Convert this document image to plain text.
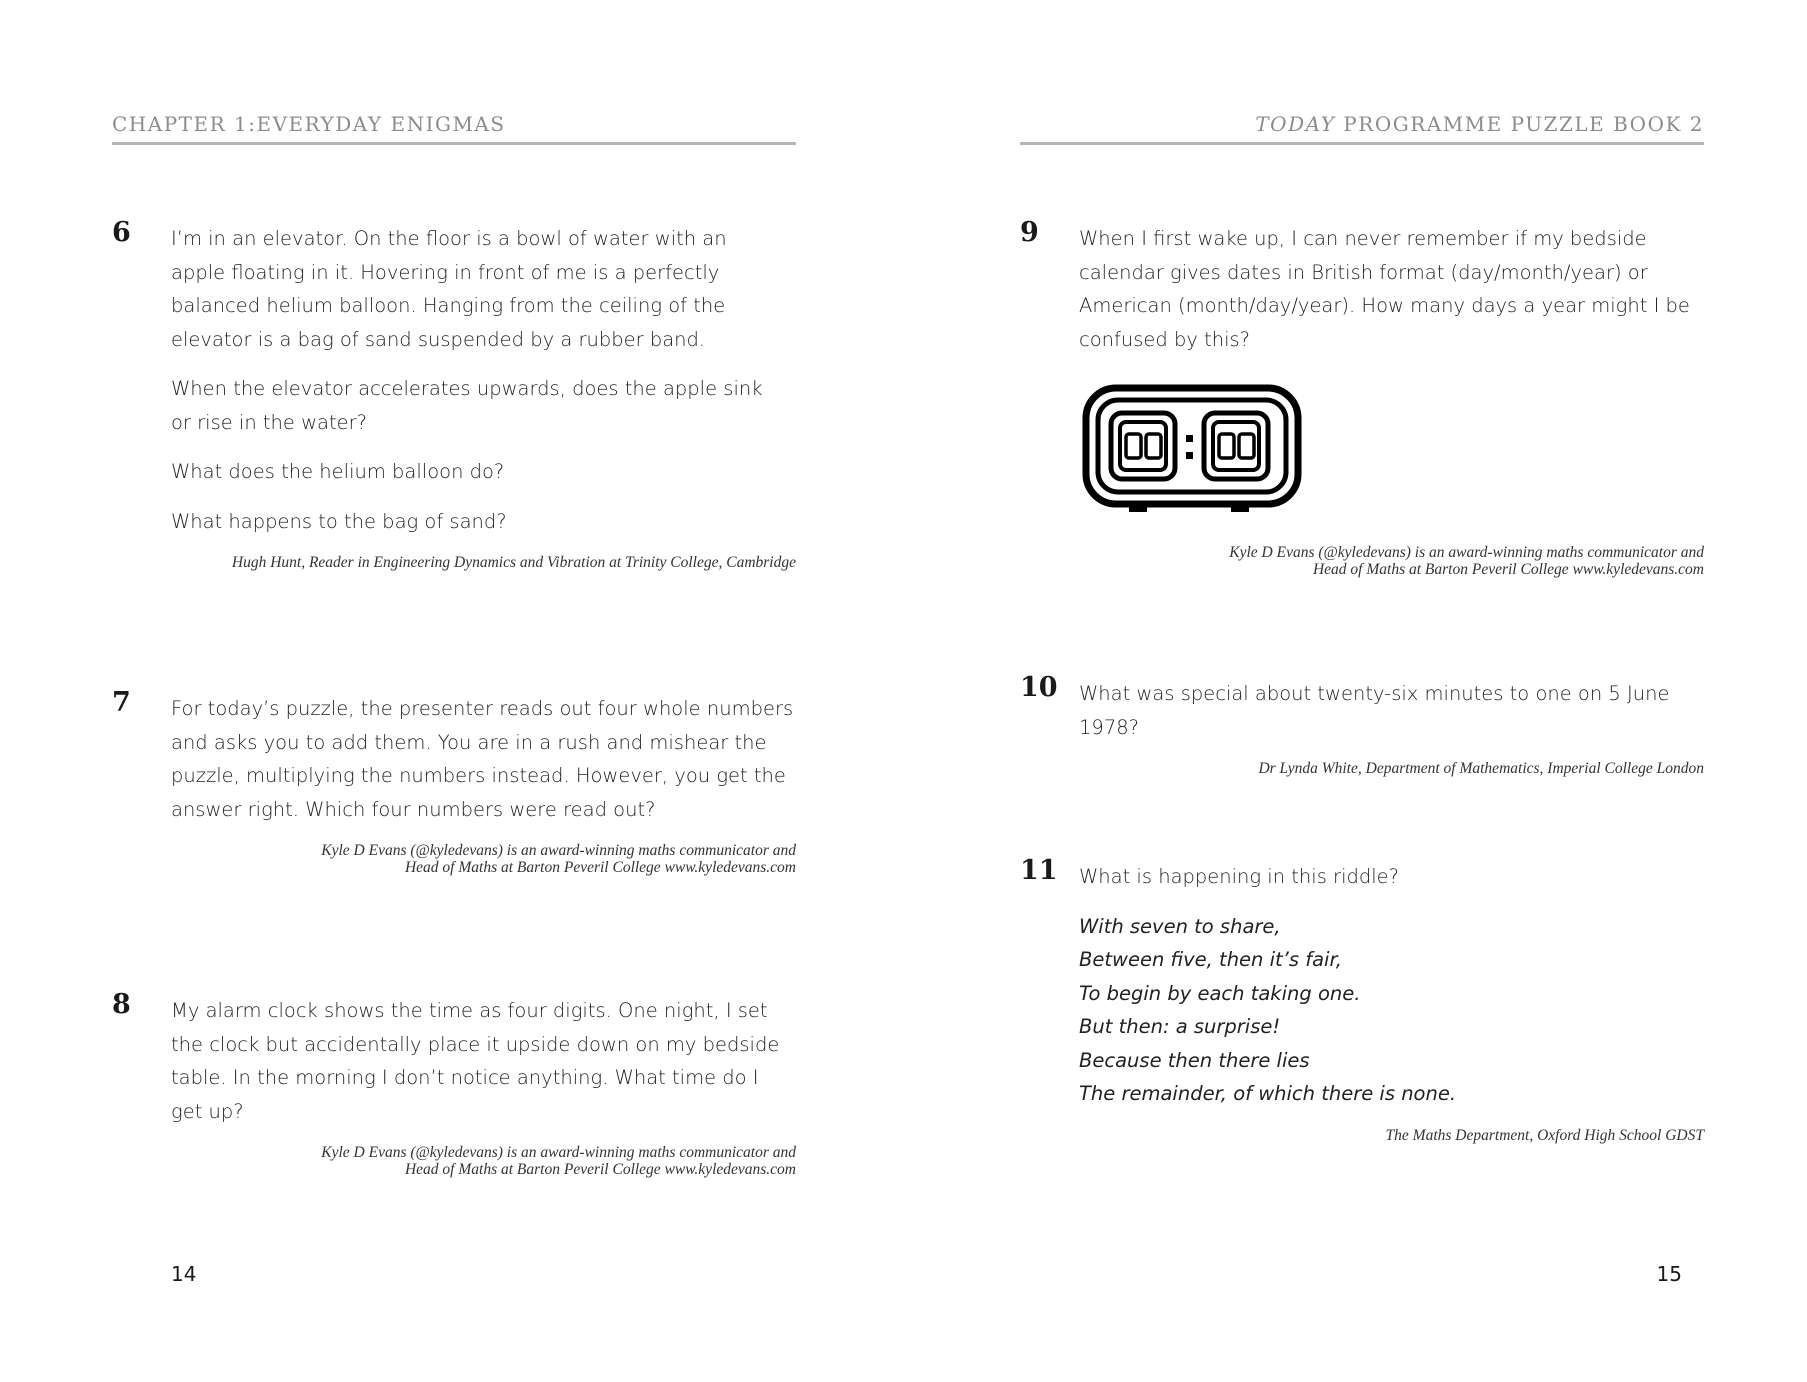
CHAPTER 1:EVERYDAY ENIGMAS
6 I’m in an elevator. On the floor is a bowl of water with an apple floating in it. Hovering in front of me is a perfectly balanced helium balloon. Hanging from the ceiling of the elevator is a bag of sand suspended by a rubber band.

When the elevator accelerates upwards, does the apple sink or rise in the water?

What does the helium balloon do?

What happens to the bag of sand?

Hugh Hunt, Reader in Engineering Dynamics and Vibration at Trinity College, Cambridge
7 For today’s puzzle, the presenter reads out four whole numbers and asks you to add them. You are in a rush and mishear the puzzle, multiplying the numbers instead. However, you get the answer right. Which four numbers were read out?

Kyle D Evans (@kyledevans) is an award-winning maths communicator and
Head of Maths at Barton Peveril College www.kyledevans.com
8 My alarm clock shows the time as four digits. One night, I set the clock but accidentally place it upside down on my bedside table. In the morning I don’t notice anything. What time do I get up?

Kyle D Evans (@kyledevans) is an award-winning maths communicator and
Head of Maths at Barton Peveril College www.kyledevans.com
14
TODAY PROGRAMME PUZZLE BOOK 2
9 When I first wake up, I can never remember if my bedside calendar gives dates in British format (day/month/year) or American (month/day/year). How many days a year might I be confused by this?

Kyle D Evans (@kyledevans) is an award-winning maths communicator and
Head of Maths at Barton Peveril College www.kyledevans.com
10 What was special about twenty-six minutes to one on 5 June 1978?

Dr Lynda White, Department of Mathematics, Imperial College London
11 What is happening in this riddle?

With seven to share,

Between five, then it’s fair,

To begin by each taking one.

But then: a surprise!

Because then there lies

The remainder, of which there is none.

The Maths Department, Oxford High School GDST
15
